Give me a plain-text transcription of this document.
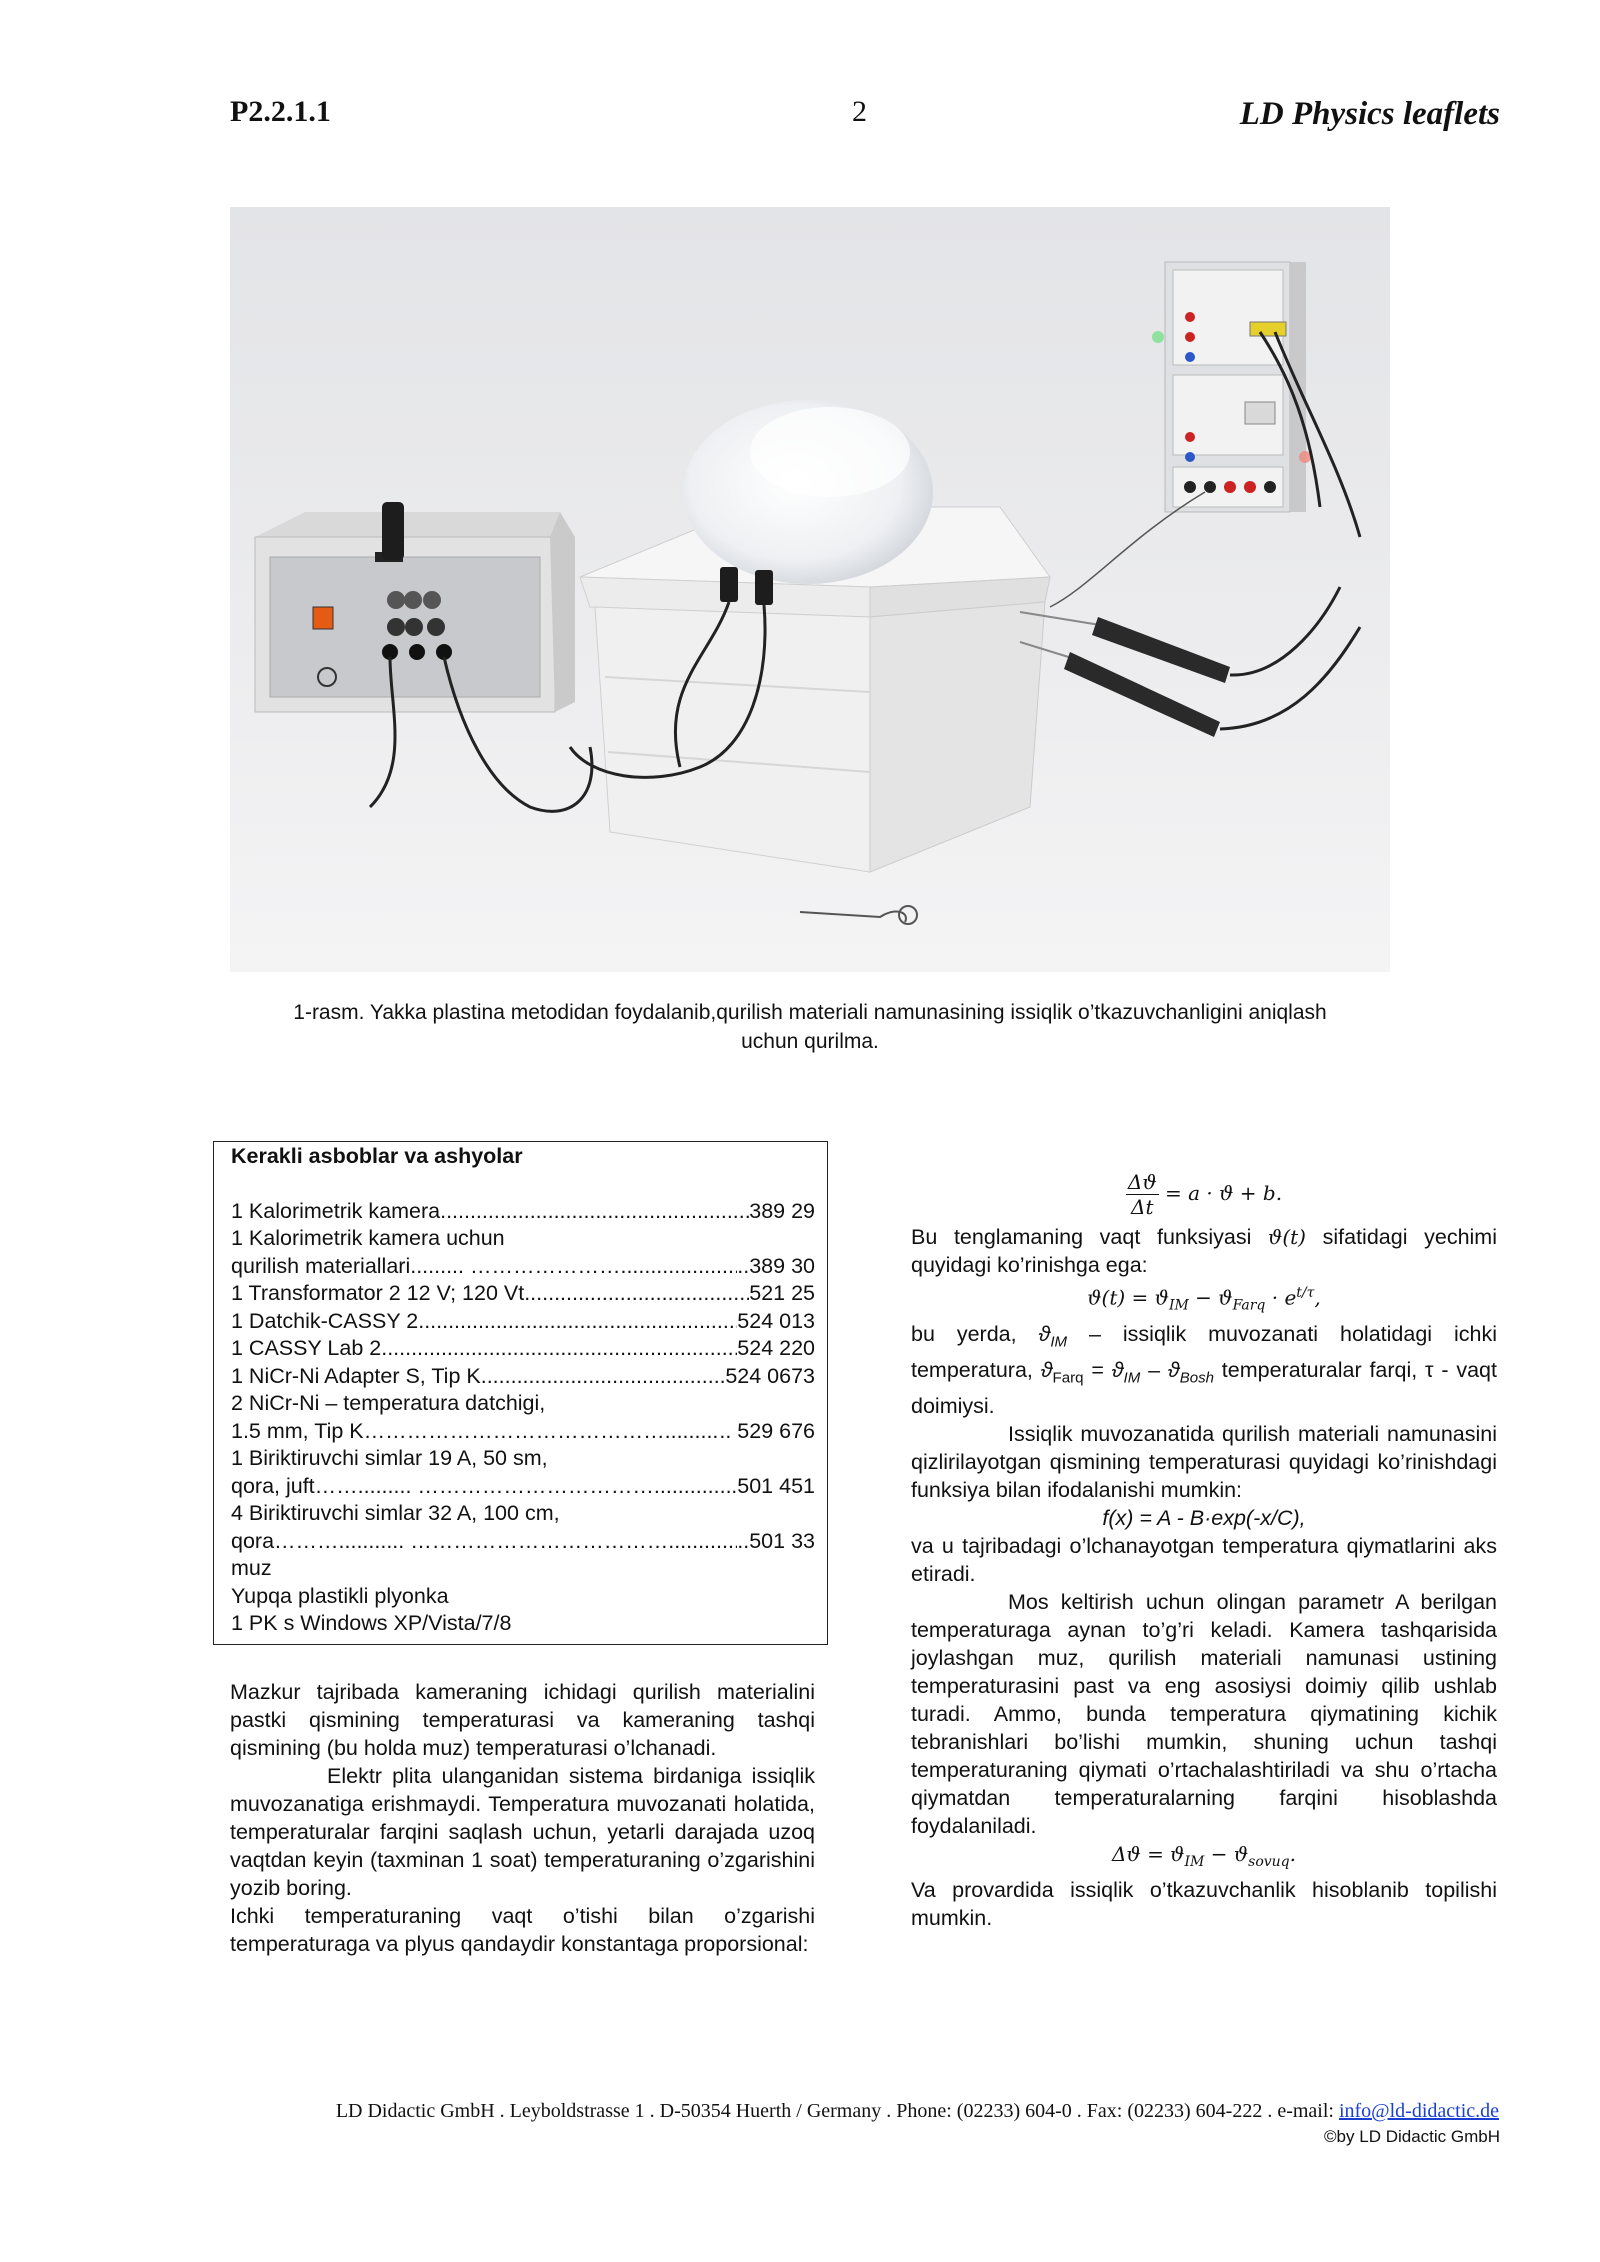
P2.2.1.1	2	LD Physics leaflets
1-rasm. Yakka plastina metodidan foydalanib,qurilish materiali namunasining issiqlik o’tkazuvchanligini aniqlash
uchun qurilma.
Kerakli asboblar va ashyolar
1 Kalorimetrik kamera .....	389 29
1 Kalorimetrik kamera uchun
qurilish materiallari......... …………………. .....	..389 30
1 Transformator 2 12 V; 120 Vt .....	521 25
1 Datchik-CASSY 2 .....	524 013
1 CASSY Lab 2 .....	524 220
1 NiCr-Ni Adapter S, Tip K .....	524 0673
2 NiCr-Ni – temperatura datchigi,
1.5 mm, Tip K…………………………………… .....	.. 529 676
1 Biriktiruvchi simlar 19 A, 50 sm,
qora, juft……......... …………………………… .....	.501 451
4 Biriktiruvchi simlar 32 A, 100 cm,
qora………........... ……………………………… .....	..501 33
muz
Yupqa plastikli plyonka
1 PK s Windows XP/Vista/7/8

Mazkur tajribada kameraning ichidagi qurilish materialini pastki qismining temperaturasi va kameraning tashqi qismining (bu holda muz) temperaturasi o’lchanadi.

Elektr plita ulanganidan sistema birdaniga issiqlik muvozanatiga erishmaydi. Temperatura muvozanati holatida, temperaturalar farqini saqlash uchun, yetarli darajada uzoq vaqtdan keyin (taxminan 1 soat) temperaturaning o’zgarishini yozib boring.

Ichki temperaturaning vaqt o’tishi bilan o’zgarishi temperaturaga va plyus qandaydir konstantaga proporsional:

$\frac{\Delta ϑ}{\Delta t} = a \cdot ϑ + b$.

Bu tenglamaning vaqt funksiyasi ϑ(t) sifatidagi yechimi quyidagi ko’rinishga ega:

$ϑ(t) = ϑ_{IM} - ϑ_{Farq} \cdot e^{t/\tau}$,

bu yerda, $ϑ_{IM}$ – issiqlik muvozanati holatidagi ichki temperatura, $ϑ_{Farq} = ϑ_{IM} - ϑ_{Bosh}$ temperaturalar farqi, τ - vaqt doimiysi.

Issiqlik muvozanatida qurilish materiali namunasini qizlirilayotgan qismining temperaturasi quyidagi ko’rinishdagi funksiya bilan ifodalanishi mumkin:

f(x) = A - B·exp(-x/C),

va u tajribadagi o’lchanayotgan temperatura qiymatlarini aks etiradi.

Mos keltirish uchun olingan parametr A berilgan temperaturaga aynan to’g’ri keladi. Kamera tashqarisida joylashgan muz, qurilish materiali namunasi ustining temperaturasini past va eng asosiysi doimiy qilib ushlab turadi. Ammo, bunda temperatura qiymatining kichik tebranishlari bo’lishi mumkin, shuning uchun tashqi temperaturaning qiymati o’rtachalashtiriladi va shu o’rtacha qiymatdan temperaturalarning farqini hisoblashda foydalaniladi.

$\Delta ϑ = ϑ_{IM} - ϑ_{sovuq}$.

Va provardida issiqlik o’tkazuvchanlik hisoblanib topilishi mumkin.

LD Didactic GmbH . Leyboldstrasse 1 . D-50354 Huerth / Germany . Phone: (02233) 604-0 . Fax: (02233) 604-222 . e-mail: info@ld-didactic.de
©by LD Didactic GmbH
